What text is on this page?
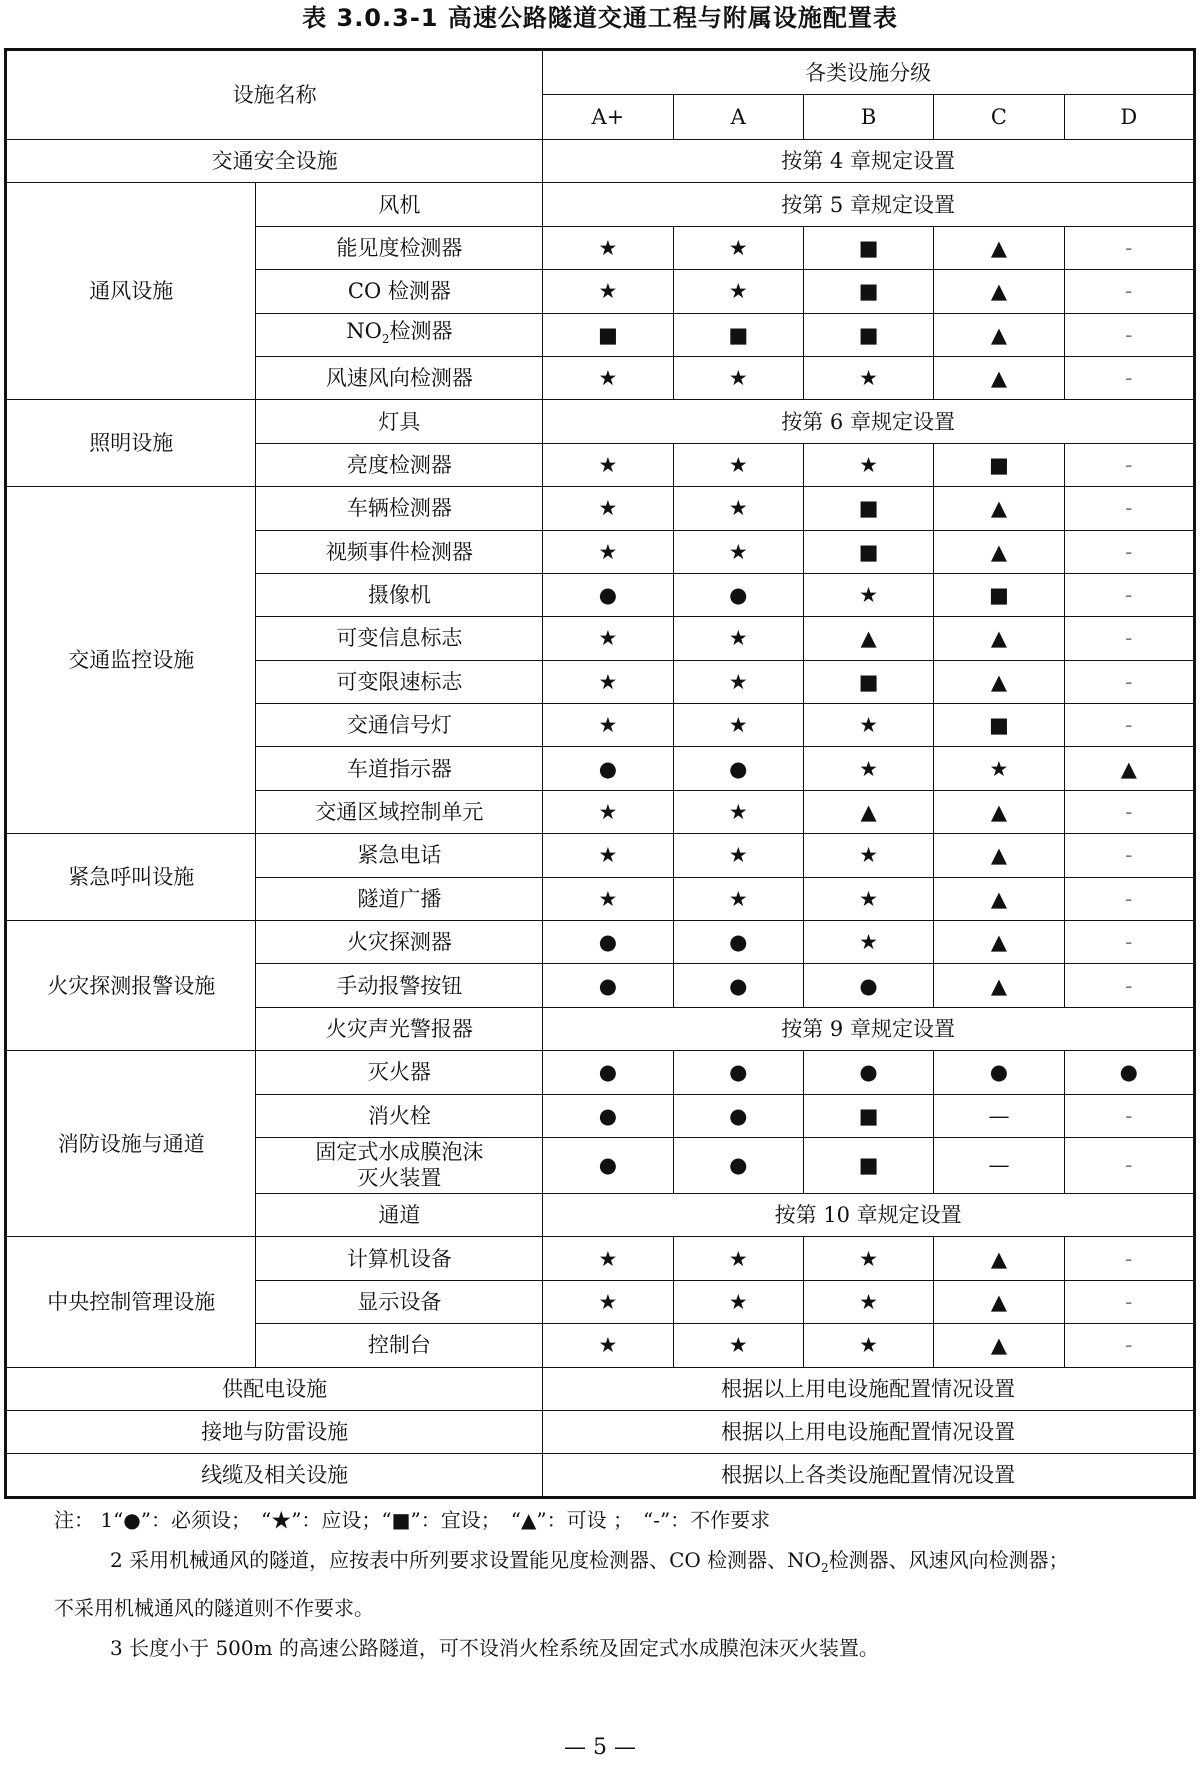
表 3.0.3-1 高速公路隧道交通工程与附属设施配置表
设施名称		各类设施分级				
		A+	A	B	C	D
交通安全设施		按第 4 章规定设置				
通风设施	风机	按第 5 章规定设置				
	能见度检测器	★	★	■	▲	-
	CO 检测器	★	★	■	▲	-
	$NO_2$检测器	■	■	■	▲	-
	风速风向检测器	★	★	★	▲	-
照明设施	灯具	按第 6 章规定设置				
	亮度检测器	★	★	★	■	-
交通监控设施	车辆检测器	★	★	■	▲	-
	视频事件检测器	★	★	■	▲	-
	摄像机	●	●	★	■	-
	可变信息标志	★	★	▲	▲	-
	可变限速标志	★	★	■	▲	-
	交通信号灯	★	★	★	■	-
	车道指示器	●	●	★	★	▲
	交通区域控制单元	★	★	▲	▲	-
紧急呼叫设施	紧急电话	★	★	★	▲	-
	隧道广播	★	★	★	▲	-
火灾探测报警设施	火灾探测器	●	●	★	▲	-
	手动报警按钮	●	●	●	▲	-
	火灾声光警报器	按第 9 章规定设置				
消防设施与通道	灭火器	●	●	●	●	●
	消火栓	●	●	■	—	-
	固定式水成膜泡沫
灭火装置	●	●	■	—	-
	通道	按第 10 章规定设置				
中央控制管理设施	计算机设备	★	★	★	▲	-
	显示设备	★	★	★	▲	-
	控制台	★	★	★	▲	-
供配电设施		根据以上用电设施配置情况设置				
接地与防雷设施		根据以上用电设施配置情况设置				
线缆及相关设施		根据以上各类设施配置情况设置				

注： 1“●”：必须设；　“★”：应设；“■”：宜设；　“▲”：可设 ；　“-”：不作要求

2 采用机械通风的隧道，应按表中所列要求设置能见度检测器、CO 检测器、$NO_2$检测器、风速风向检测器；

不采用机械通风的隧道则不作要求。

3 长度小于 500m 的高速公路隧道，可不设消火栓系统及固定式水成膜泡沫灭火装置。

— 5 —
